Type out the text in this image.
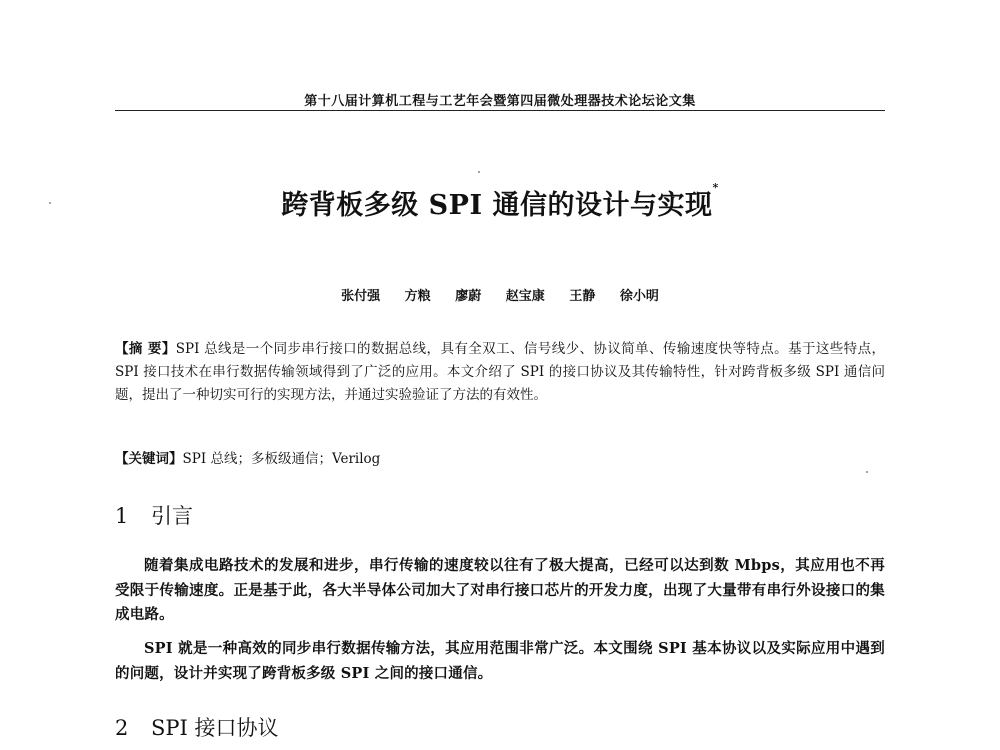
第十八届计算机工程与工艺年会暨第四届微处理器技术论坛论文集
跨背板多级 SPI 通信的设计与实现*
张付强 方粮 廖蔚 赵宝康 王静 徐小明
【摘 要】SPI 总线是一个同步串行接口的数据总线，具有全双工、信号线少、协议简单、传输速度快等特点。基于这些特点，SPI 接口技术在串行数据传输领域得到了广泛的应用。本文介绍了 SPI 的接口协议及其传输特性，针对跨背板多级 SPI 通信问题，提出了一种切实可行的实现方法，并通过实验验证了方法的有效性。
【关键词】SPI 总线；多板级通信；Verilog
1 引言

随着集成电路技术的发展和进步，串行传输的速度较以往有了极大提高，已经可以达到数 Mbps，其应用也不再受限于传输速度。正是基于此，各大半导体公司加大了对串行接口芯片的开发力度，出现了大量带有串行外设接口的集成电路。

SPI 就是一种高效的同步串行数据传输方法，其应用范围非常广泛。本文围绕 SPI 基本协议以及实际应用中遇到的问题，设计并实现了跨背板多级 SPI 之间的接口通信。

2 SPI 接口协议
